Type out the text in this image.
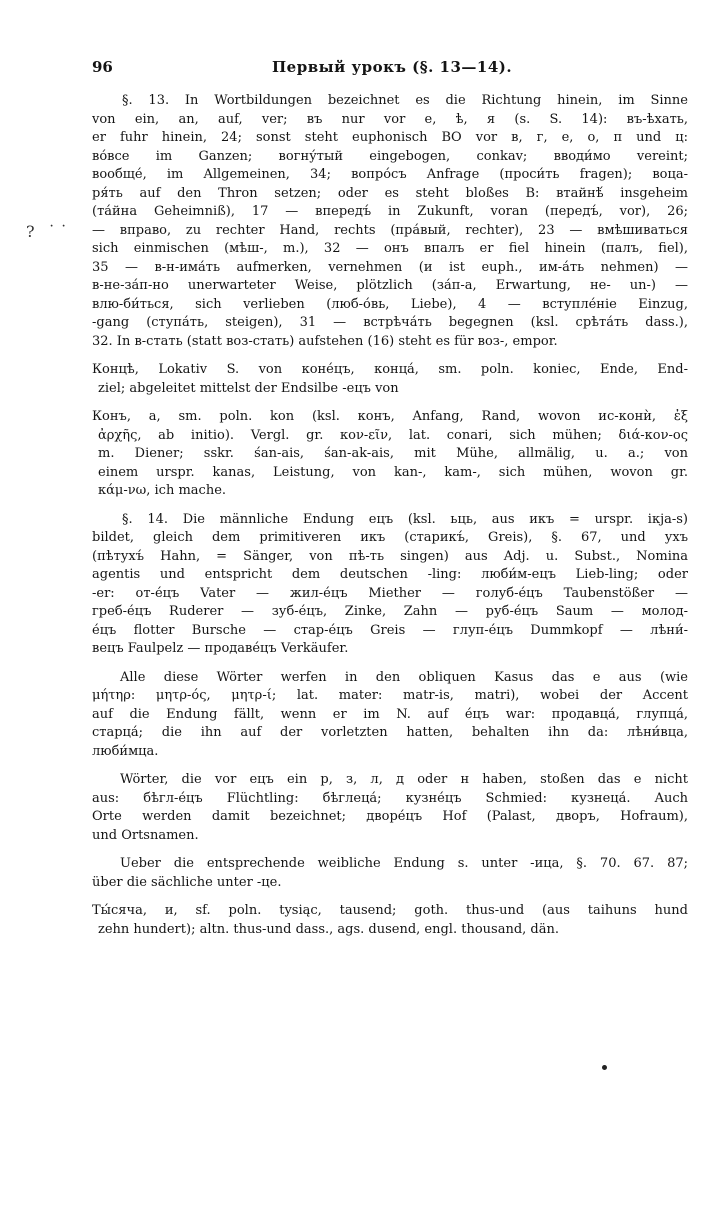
96	Первый урокъ (§. 13—14).
? ˙˙
§. 13. In Wortbildungen bezeichnet es die Richtung hinein, im Sinne
von ein, an, auf, ver; въ nur vor е, ѣ, я (s. S. 14): въ-ѣхать,
er fuhr hinein, 24; sonst steht euphonisch ВО vor в, г, е, о, п und ц:
во́все im Ganzen; вогну́тый eingebogen, conkav; вводи́мо vereint;
вообще́, im Allgemeinen, 34; вопро́съ Anfrage (проси́ть fragen); воца-
ря́ть auf den Thron setzen; oder es steht bloßes В: втайнѣ́ insgeheim
(та́йна Geheimniß), 17 — впередъ́ in Zukunft, voran (передъ́, vor), 26;
— вправо, zu rechter Hand, rechts (пра́вый, rechter), 23 — вмѣшиваться
sich einmischen (мѣш-, m.), 32 — онъ впалъ er fiel hinein (палъ, fiel),
35 — в-н-има́ть aufmerken, vernehmen (и ist euph., им-а́ть nehmen) —
в-не-за́п-но unerwarteter Weise, plötzlich (за́п-а, Erwartung, не- un-) —
влю-би́ться, sich verlieben (люб-о́вь, Liebe), 4 — вступле́ніе Einzug,
-gang (ступа́ть, steigen), 31 — встрѣча́ть begegnen (ksl. срѣта́ть dass.),
32. In в-стать (statt воз-стать) aufstehen (16) steht es für воз-, empor.
Концѣ, Lokativ S. von коне́цъ, конца́, sm. poln. koniec, Ende, End-
ziel; abgeleitet mittelst der Endsilbe -ецъ von
Конъ, а, sm. poln. kon (ksl. конъ, Anfang, Rand, wovon ис-конѝ, ἐξ
ἀρχῆς, ab initio). Vergl. gr. κον-εῖν, lat. conari, sich mühen; διά-κον-ος
m. Diener; sskr. śan-ais, śan-ak-ais, mit Mühe, allmälig, u. a.; von
einem urspr. kanas, Leistung, von kan-, kam-, sich mühen, wovon gr.
κάμ-νω, ich mache.
§. 14. Die männliche Endung ецъ (ksl. ьць, aus икъ = urspr. ікja-s)
bildet, gleich dem primitiveren икъ (старикъ́, Greis), §. 67, und ухъ
(пѣтухъ́ Hahn, = Sänger, von пѣ-ть singen) aus Adj. u. Subst., Nomina
agentis und entspricht dem deutschen -ling: люби́м-ецъ Lieb-ling; oder
-er: от-е́цъ Vater — жил-е́цъ Miether — голуб-е́цъ Taubenstößer —
греб-е́цъ Ruderer — зуб-е́цъ, Zinke, Zahn — руб-е́цъ Saum — молод-
е́цъ flotter Bursche — стар-е́цъ Greis — глуп-е́цъ Dummkopf — лѣни́-
вецъ Faulpelz — продаве́цъ Verkäufer.
Alle diese Wörter werfen in den obliquen Kasus das e aus (wie
μήτηρ: μητρ-ός, μητρ-ί; lat. mater: matr-is, matri), wobei der Accent
auf die Endung fällt, wenn er im N. auf е́цъ war: продавца́, глупца́,
старца́; die ihn auf der vorletzten hatten, behalten ihn da: лѣни́вца,
люби́мца.
Wörter, die vor ецъ ein р, з, л, д oder н haben, stoßen das e nicht
aus: бѣгл-е́цъ Flüchtling: бѣглеца́; кузне́цъ Schmied: кузнеца́. Auch
Orte werden damit bezeichnet; дворе́цъ Hof (Palast, дворъ, Hofraum),
und Ortsnamen.
Ueber die entsprechende weibliche Endung s. unter -ица, §. 70. 67. 87;
über die sächliche unter -це.
Ты́сяча, и, sf. poln. tysiąc, tausend; goth. thus-und (aus taihuns hund
zehn hundert); altn. thus-und dass., ags. dusend, engl. thousand, dän.
